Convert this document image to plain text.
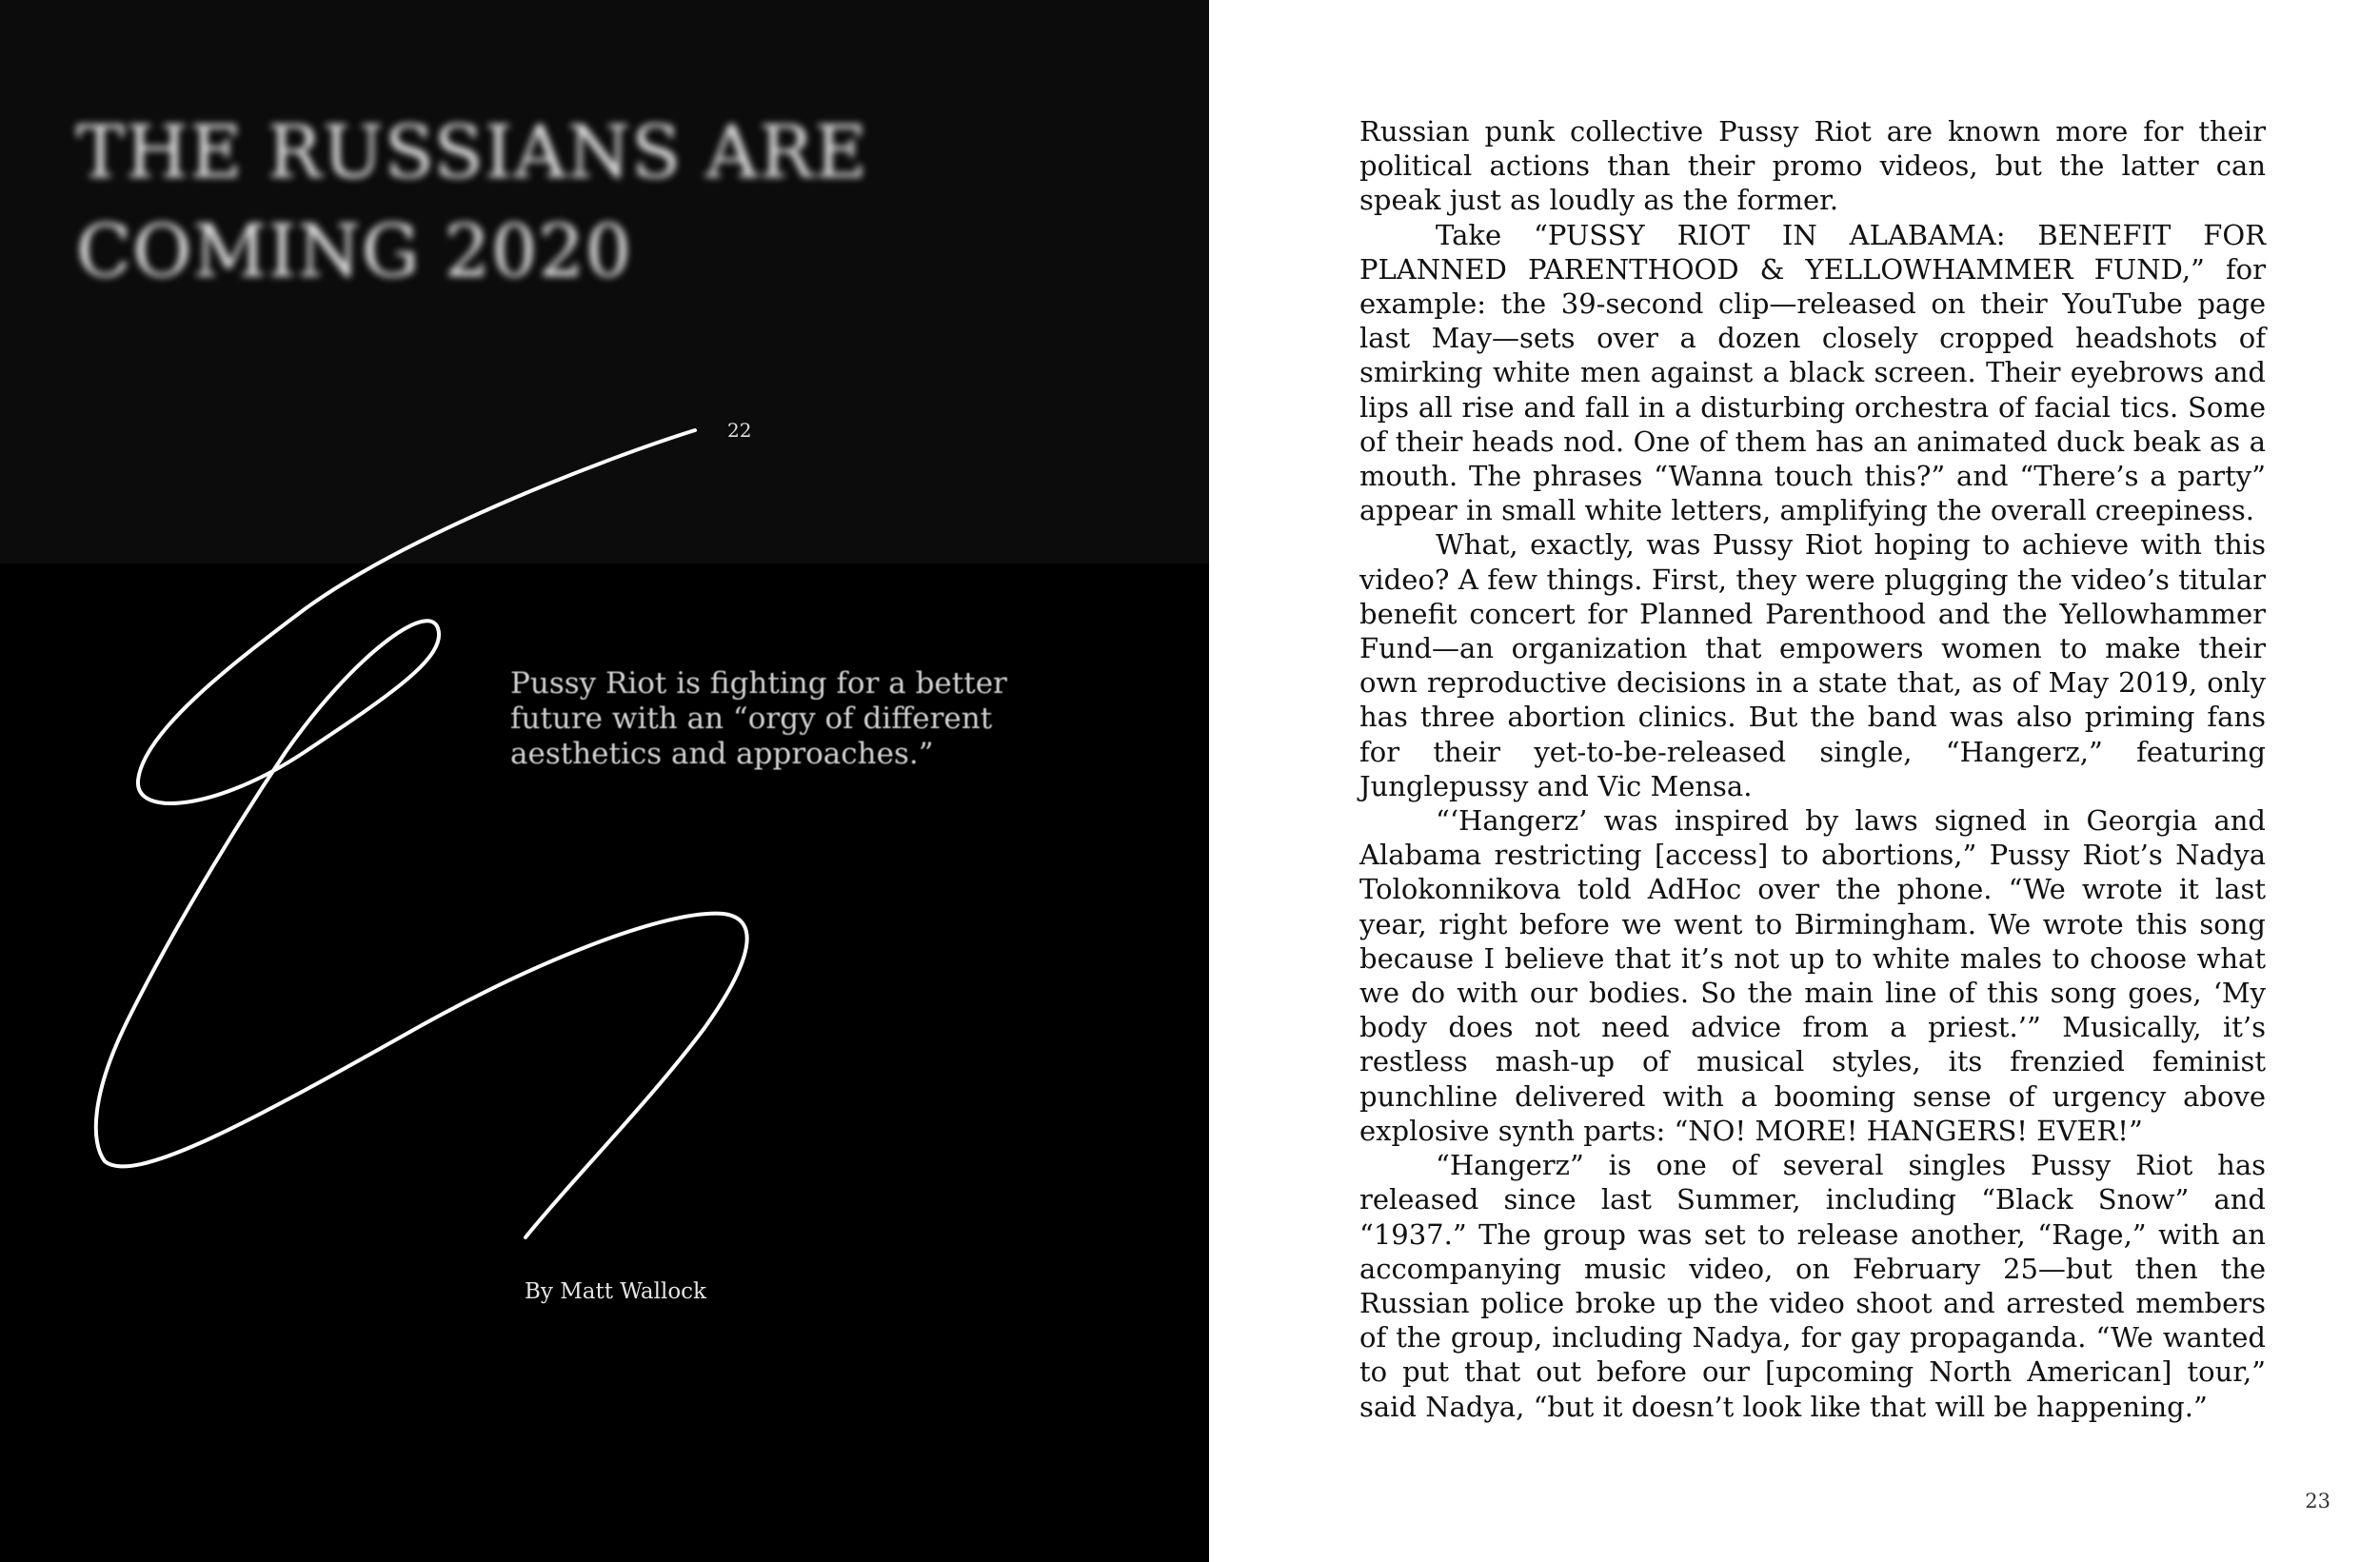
THE RUSSIANS ARE
COMING 2020
22

Pussy Riot is fighting for a better future with an “orgy of different aesthetics and approaches.”

By Matt Wallock

Russian punk collective Pussy Riot are known more for their political actions than their promo videos, but the latter can speak just as loudly as the former.

Take “PUSSY RIOT IN ALABAMA: BENEFIT FOR PLANNED PARENTHOOD & YELLOWHAMMER FUND,” for example: the 39-second clip—released on their YouTube page last May—sets over a dozen closely cropped headshots of smirking white men against a black screen. Their eyebrows and lips all rise and fall in a disturbing orchestra of facial tics. Some of their heads nod. One of them has an animated duck beak as a mouth. The phrases “Wanna touch this?” and “There’s a party” appear in small white letters, amplifying the overall creepiness.

What, exactly, was Pussy Riot hoping to achieve with this video? A few things. First, they were plugging the video’s titular benefit concert for Planned Parenthood and the Yellowhammer Fund—an organization that empowers women to make their own reproductive decisions in a state that, as of May 2019, only has three abortion clinics. But the band was also priming fans for their yet-to-be-released single, “Hangerz,” featuring Junglepussy and Vic Mensa.

“‘Hangerz’ was inspired by laws signed in Georgia and Alabama restricting [access] to abortions,” Pussy Riot’s Nadya Tolokonnikova told AdHoc over the phone. “We wrote it last year, right before we went to Birmingham. We wrote this song because I believe that it’s not up to white males to choose what we do with our bodies. So the main line of this song goes, ‘My body does not need advice from a priest.’” Musically, it’s restless mash-up of musical styles, its frenzied feminist punchline delivered with a booming sense of urgency above explosive synth parts: “NO! MORE! HANGERS! EVER!”

“Hangerz” is one of several singles Pussy Riot has released since last Summer, including “Black Snow” and “1937.” The group was set to release another, “Rage,” with an accompanying music video, on February 25—but then the Russian police broke up the video shoot and arrested members of the group, including Nadya, for gay propaganda. “We wanted to put that out before our [upcoming North American] tour,” said Nadya, “but it doesn’t look like that will be happening.”

23
